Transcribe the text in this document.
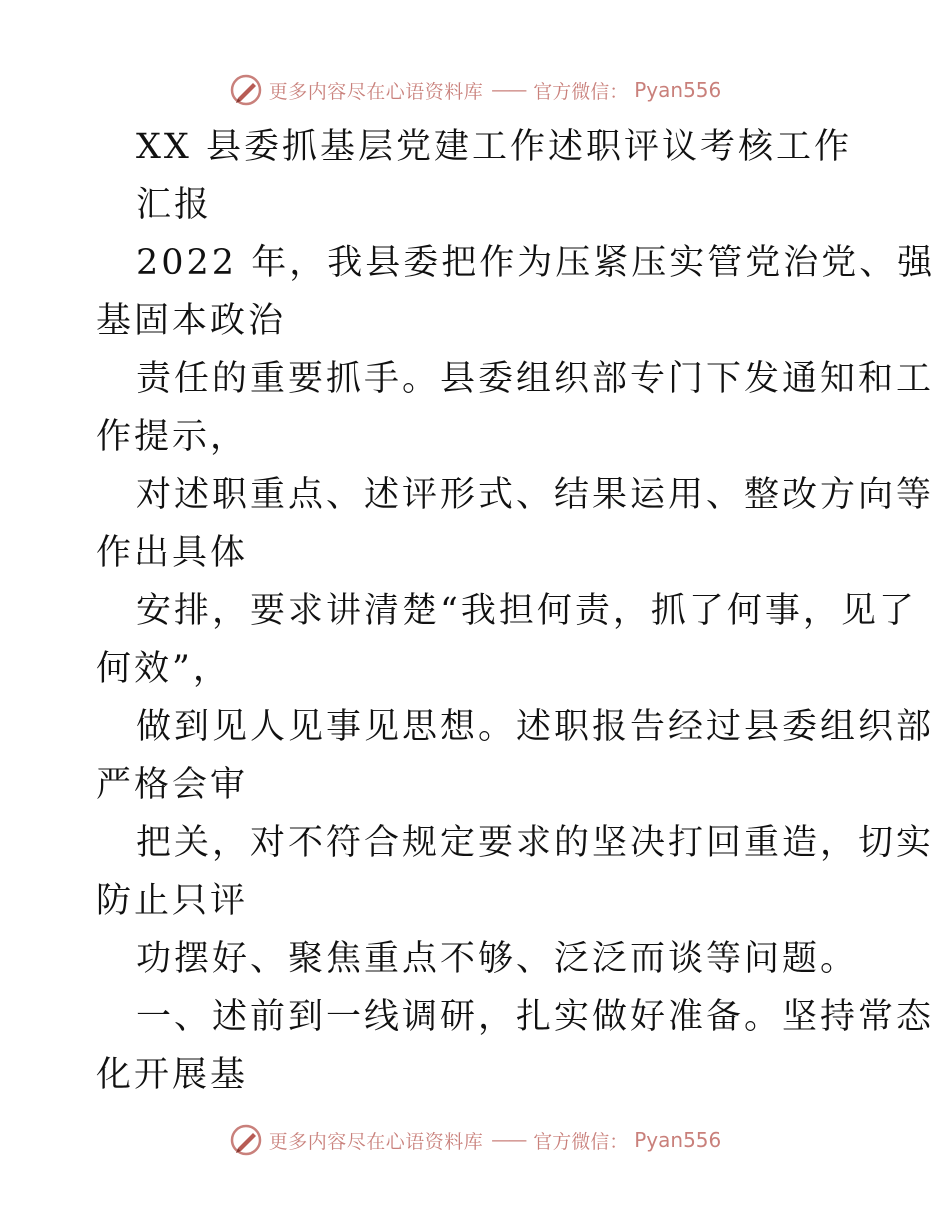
更多内容尽在心语资料库 —— 官方微信： Pyan556
XX 县委抓基层党建工作述职评议考核工作
汇报
2022 年，我县委把作为压紧压实管党治党、强
基固本政治
责任的重要抓手。县委组织部专门下发通知和工
作提示，
对述职重点、述评形式、结果运用、整改方向等
作出具体
安排，要求讲清楚“我担何责，抓了何事，见了
何效”，
做到见人见事见思想。述职报告经过县委组织部
严格会审
把关，对不符合规定要求的坚决打回重造，切实
防止只评
功摆好、聚焦重点不够、泛泛而谈等问题。
一、述前到一线调研，扎实做好准备。坚持常态
化开展基
更多内容尽在心语资料库 —— 官方微信： Pyan556
